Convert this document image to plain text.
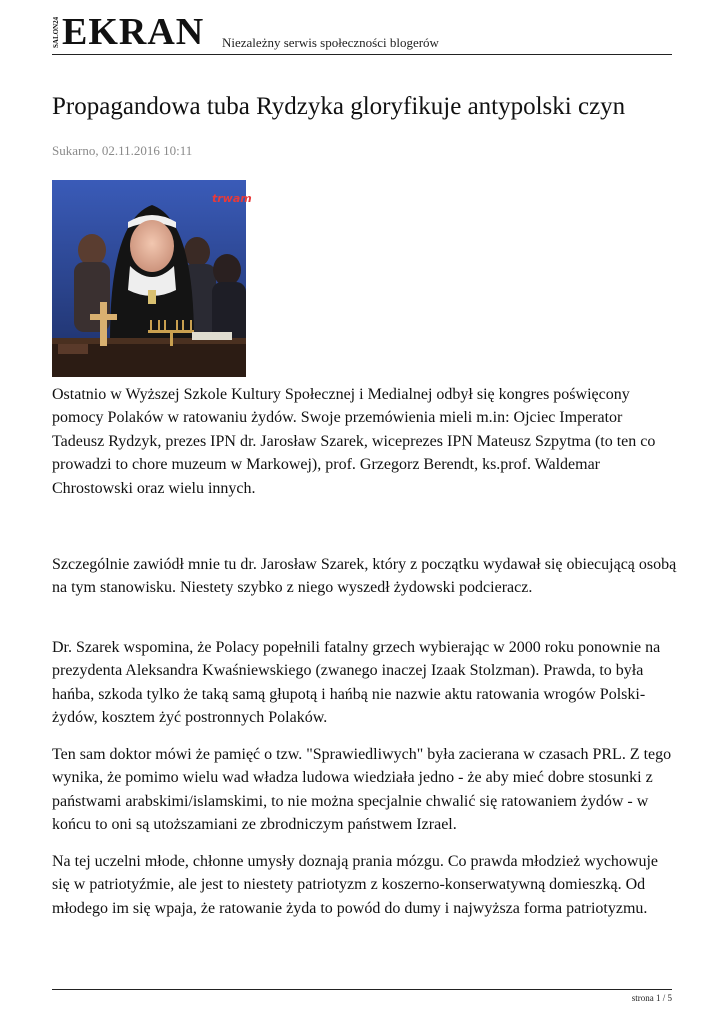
SALON24 EKRAN Niezależny serwis społeczności blogerów
Propagandowa tuba Rydzyka gloryfikuje antypolski czyn
Sukarno, 02.11.2016 10:11
trwam

Ostatnio w Wyższej Szkole Kultury Społecznej i Medialnej odbył się kongres poświęcony pomocy Polaków w ratowaniu żydów. Swoje przemówienia mieli m.in: Ojciec Imperator Tadeusz Rydzyk, prezes IPN dr. Jarosław Szarek, wiceprezes IPN Mateusz Szpytma (to ten co prowadzi to chore muzeum w Markowej), prof. Grzegorz Berendt, ks.prof. Waldemar Chrostowski oraz wielu innych.

Szczególnie zawiódł mnie tu dr. Jarosław Szarek, który z początku wydawał się obiecującą osobą na tym stanowisku. Niestety szybko z niego wyszedł żydowski podcieracz.

Dr. Szarek wspomina, że Polacy popełnili fatalny grzech wybierając w 2000 roku ponownie na prezydenta Aleksandra Kwaśniewskiego (zwanego inaczej Izaak Stolzman). Prawda, to była hańba, szkoda tylko że taką samą głupotą i hańbą nie nazwie aktu ratowania wrogów Polski- żydów, kosztem żyć postronnych Polaków.

Ten sam doktor mówi że pamięć o tzw. "Sprawiedliwych" była zacierana w czasach PRL. Z tego wynika, że pomimo wielu wad władza ludowa wiedziała jedno - że aby mieć dobre stosunki z państwami arabskimi/islamskimi, to nie można specjalnie chwalić się ratowaniem żydów - w końcu to oni są utoższamiani ze zbrodniczym państwem Izrael.

Na tej uczelni młode, chłonne umysły doznają prania mózgu. Co prawda młodzież wychowuje się w patriotyźmie, ale jest to niestety patriotyzm z koszerno-konserwatywną domieszką. Od młodego im się wpaja, że ratowanie żyda to powód do dumy i najwyższa forma patriotyzmu.

strona 1 / 5
